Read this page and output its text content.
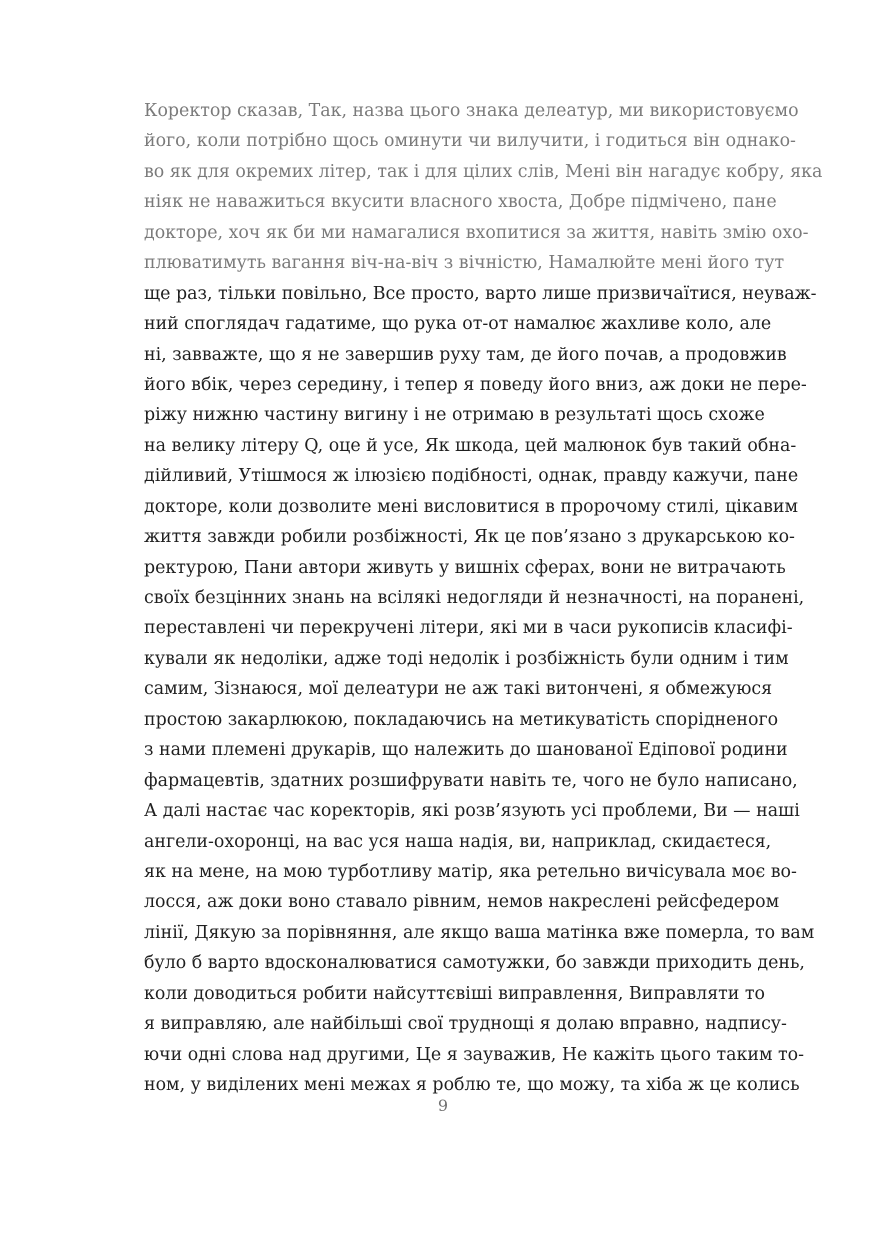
Коректор сказав, Так, назва цього знака делеатур, ми використовуємо
його, коли потрібно щось оминути чи вилучити, і годиться він однако-
во як для окремих літер, так і для цілих слів, Мені він нагадує кобру, яка
ніяк не наважиться вкусити власного хвоста, Добре підмічено, пане
докторе, хоч як би ми намагалися вхопитися за життя, навіть змію охо-
плюватимуть вагання віч-на-віч з вічністю, Намалюйте мені його тут
ще раз, тільки повільно, Все просто, варто лише призвичаїтися, неуваж-
ний споглядач гадатиме, що рука от-от намалює жахливе коло, але
ні, завважте, що я не завершив руху там, де його почав, а продовжив
його вбік, через середину, і тепер я поведу його вниз, аж доки не пере-
ріжу нижню частину вигину і не отримаю в результаті щось схоже
на велику літеру Q, оце й усе, Як шкода, цей малюнок був такий обна-
дійливий, Утішмося ж ілюзією подібності, однак, правду кажучи, пане
докторе, коли дозволите мені висловитися в пророчому стилі, цікавим
життя завжди робили розбіжності, Як це пов’язано з друкарською ко-
ректурою, Пани автори живуть у вишніх сферах, вони не витрачають
своїх безцінних знань на всілякі недогляди й незначності, на поранені,
переставлені чи перекручені літери, які ми в часи рукописів класифі-
кували як недоліки, адже тоді недолік і розбіжність були одним і тим
самим, Зізнаюся, мої делеатури не аж такі витончені, я обмежуюся
простою закарлюкою, покладаючись на метикуватість спорідненого
з нами племені друкарів, що належить до шанованої Едіпової родини
фармацевтів, здатних розшифрувати навіть те, чого не було написано,
А далі настає час коректорів, які розв’язують усі проблеми, Ви — наші
ангели-охоронці, на вас уся наша надія, ви, наприклад, скидаєтеся,
як на мене, на мою турботливу матір, яка ретельно вичісувала моє во-
лосся, аж доки воно ставало рівним, немов накреслені рейсфедером
лінії, Дякую за порівняння, але якщо ваша матінка вже померла, то вам
було б варто вдосконалюватися самотужки, бо завжди приходить день,
коли доводиться робити найсуттєвіші виправлення, Виправляти то
я виправляю, але найбільші свої труднощі я долаю вправно, надпису-
ючи одні слова над другими, Це я зауважив, Не кажіть цього таким то-
ном, у виділених мені межах я роблю те, що можу, та хіба ж це колись
9
